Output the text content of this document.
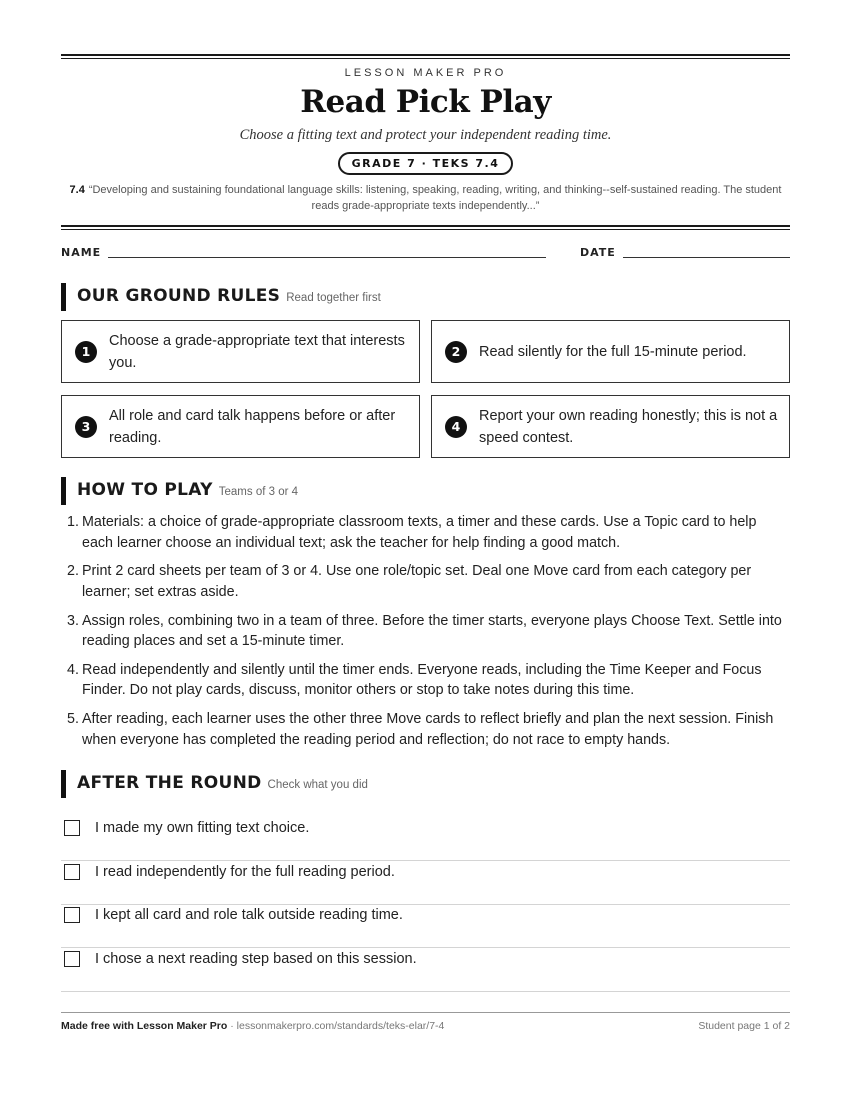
LESSON MAKER PRO
Read Pick Play
Choose a fitting text and protect your independent reading time.
GRADE 7 · TEKS 7.4
7.4 “Developing and sustaining foundational language skills: listening, speaking, reading, writing, and thinking--self-sustained reading. The student reads grade-appropriate texts independently...”
NAME	DATE
OUR GROUND RULES Read together first
1
Choose a grade-appropriate text that interests you.
2	Read silently for the full 15-minute period.
3
All role and card talk happens before or after reading.
4
Report your own reading honestly; this is not a speed contest.
HOW TO PLAY Teams of 3 or 4
1. Materials: a choice of grade-appropriate classroom texts, a timer and these cards. Use a Topic card to help each learner choose an individual text; ask the teacher for help finding a good match.
2. Print 2 card sheets per team of 3 or 4. Use one role/topic set. Deal one Move card from each category per learner; set extras aside.
3. Assign roles, combining two in a team of three. Before the timer starts, everyone plays Choose Text. Settle into reading places and set a 15-minute timer.
4. Read independently and silently until the timer ends. Everyone reads, including the Time Keeper and Focus Finder. Do not play cards, discuss, monitor others or stop to take notes during this time.
5. After reading, each learner uses the other three Move cards to reflect briefly and plan the next session. Finish when everyone has completed the reading period and reflection; do not race to empty hands.
AFTER THE ROUND Check what you did
I made my own fitting text choice.
I read independently for the full reading period.
I kept all card and role talk outside reading time.
I chose a next reading step based on this session.
Made free with Lesson Maker Pro · lessonmakerpro.com/standards/teks-elar/7-4	Student page 1 of 2
